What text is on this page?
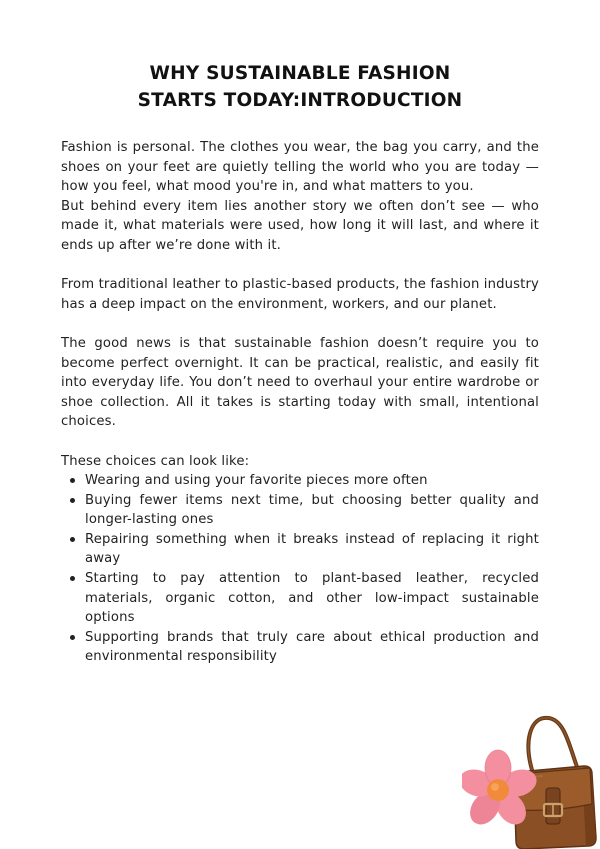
WHY SUSTAINABLE FASHION
STARTS TODAY:INTRODUCTION

Fashion is personal. The clothes you wear, the bag you carry, and the shoes on your feet are quietly telling the world who you are today — how you feel, what mood you're in, and what matters to you.

But behind every item lies another story we often don’t see — who made it, what materials were used, how long it will last, and where it ends up after we’re done with it.

From traditional leather to plastic-based products, the fashion industry has a deep impact on the environment, workers, and our planet.

The good news is that sustainable fashion doesn’t require you to become perfect overnight. It can be practical, realistic, and easily fit into everyday life. You don’t need to overhaul your entire wardrobe or shoe collection. All it takes is starting today with small, intentional choices.

These choices can look like:

Wearing and using your favorite pieces more often
Buying fewer items next time, but choosing better quality and longer-lasting ones
Repairing something when it breaks instead of replacing it right away
Starting to pay attention to plant-based leather, recycled materials, organic cotton, and other low-impact sustainable options
Supporting brands that truly care about ethical production and environmental responsibility
